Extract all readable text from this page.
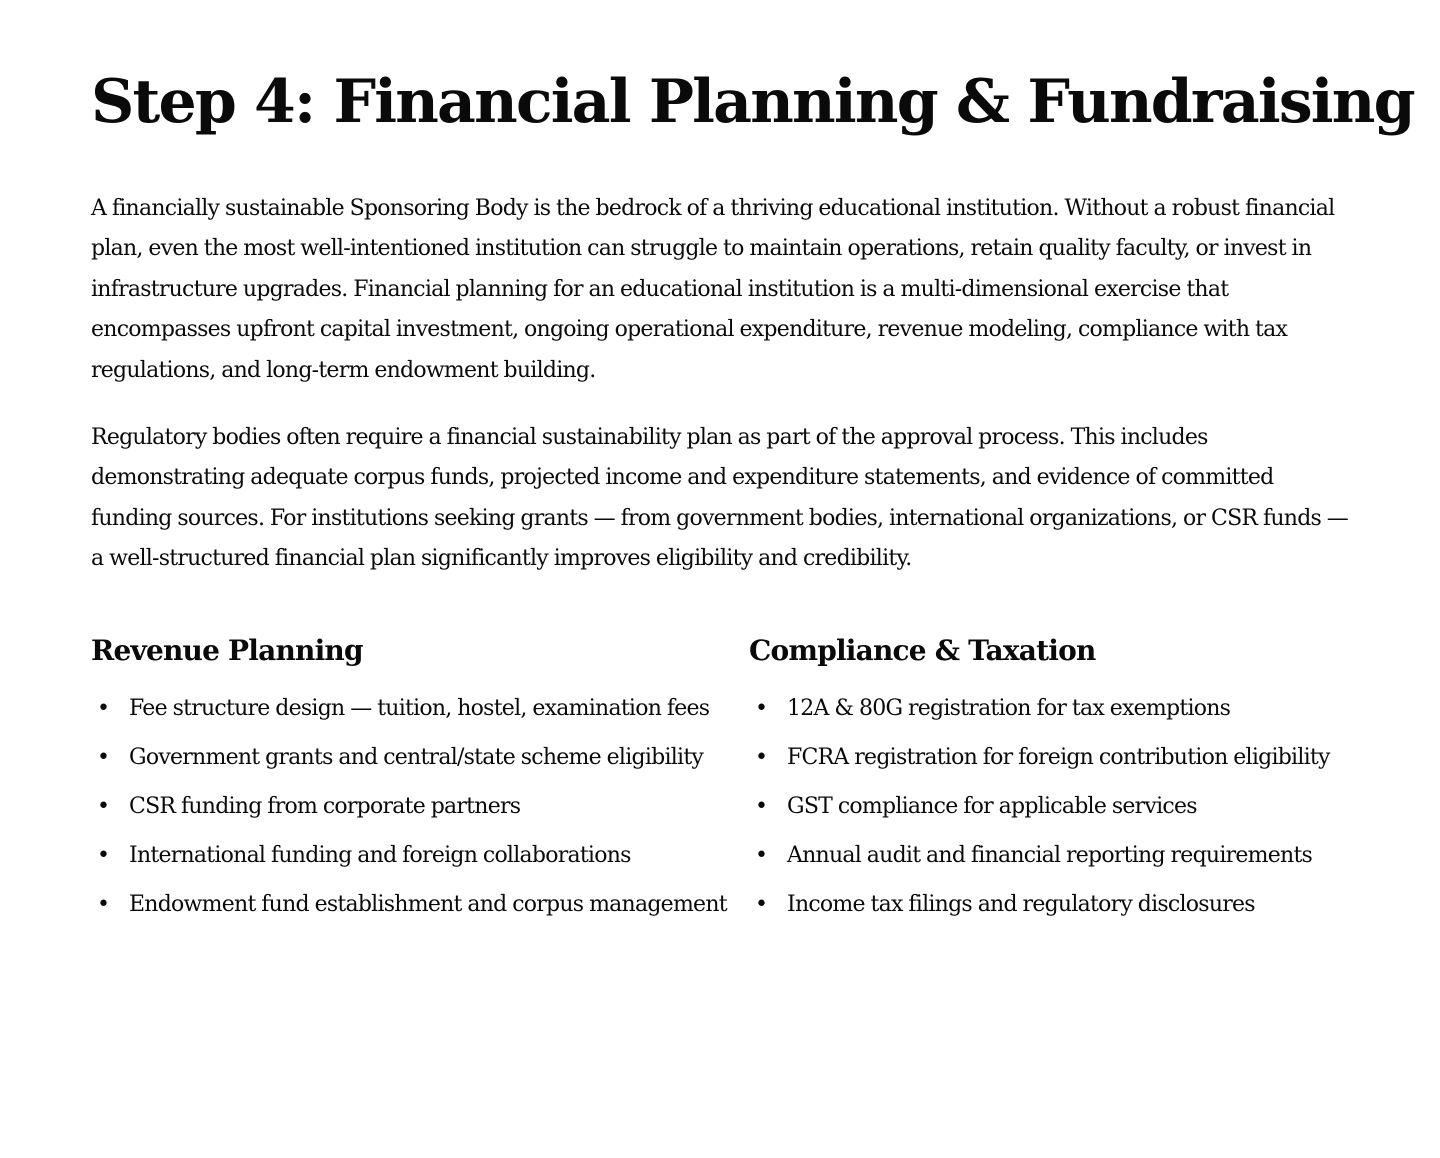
Step 4: Financial Planning & Fundraising

A financially sustainable Sponsoring Body is the bedrock of a thriving educational institution. Without a robust financial plan, even the most well-intentioned institution can struggle to maintain operations, retain quality faculty, or invest in infrastructure upgrades. Financial planning for an educational institution is a multi-dimensional exercise that encompasses upfront capital investment, ongoing operational expenditure, revenue modeling, compliance with tax regulations, and long-term endowment building.

Regulatory bodies often require a financial sustainability plan as part of the approval process. This includes demonstrating adequate corpus funds, projected income and expenditure statements, and evidence of committed funding sources. For institutions seeking grants — from government bodies, international organizations, or CSR funds — a well-structured financial plan significantly improves eligibility and credibility.

Revenue Planning
• Fee structure design — tuition, hostel, examination fees
• Government grants and central/state scheme eligibility
• CSR funding from corporate partners
• International funding and foreign collaborations
• Endowment fund establishment and corpus management
Compliance & Taxation
• 12A & 80G registration for tax exemptions
• FCRA registration for foreign contribution eligibility
• GST compliance for applicable services
• Annual audit and financial reporting requirements
• Income tax filings and regulatory disclosures
